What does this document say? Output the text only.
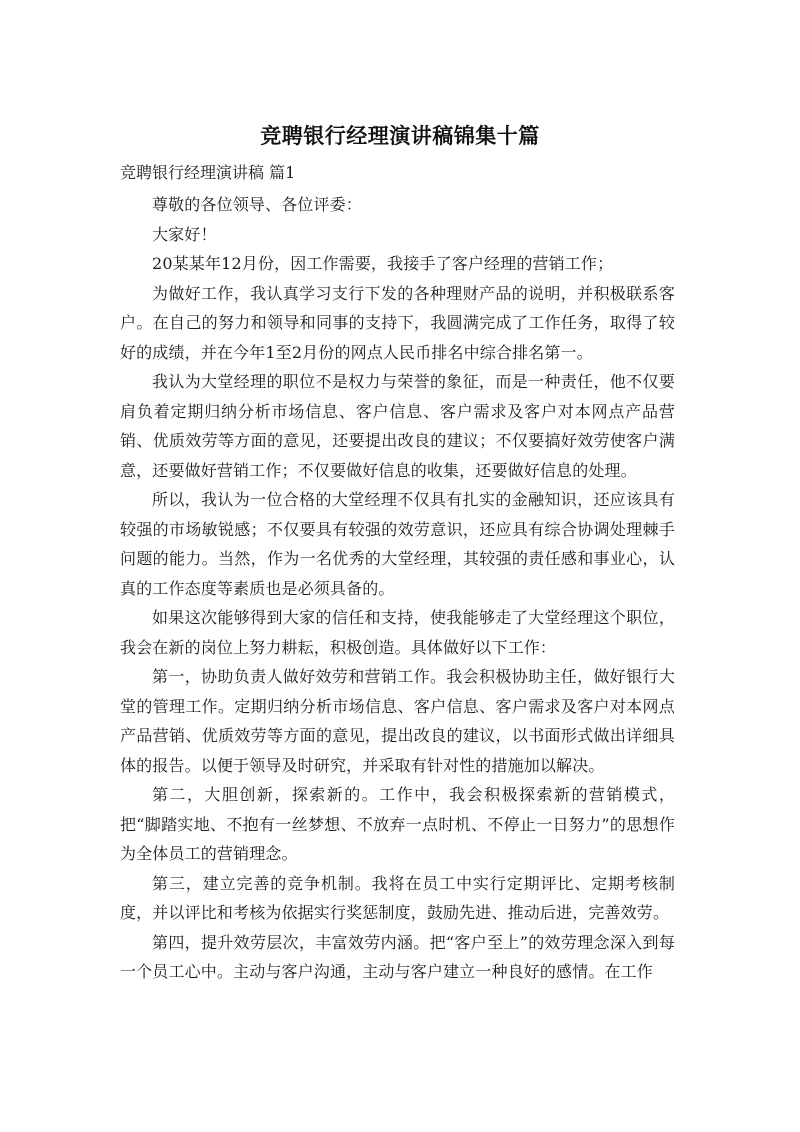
竞聘银行经理演讲稿锦集十篇
竞聘银行经理演讲稿 篇1

尊敬的各位领导、各位评委：

大家好！

20某某年12月份，因工作需要，我接手了客户经理的营销工作；

为做好工作，我认真学习支行下发的各种理财产品的说明，并积极联系客户。在自己的努力和领导和同事的支持下，我圆满完成了工作任务，取得了较好的成绩，并在今年1至2月份的网点人民币排名中综合排名第一。

我认为大堂经理的职位不是权力与荣誉的象征，而是一种责任，他不仅要肩负着定期归纳分析市场信息、客户信息、客户需求及客户对本网点产品营销、优质效劳等方面的意见，还要提出改良的建议；不仅要搞好效劳使客户满意，还要做好营销工作；不仅要做好信息的收集，还要做好信息的处理。

所以，我认为一位合格的大堂经理不仅具有扎实的金融知识，还应该具有较强的市场敏锐感；不仅要具有较强的效劳意识，还应具有综合协调处理棘手问题的能力。当然，作为一名优秀的大堂经理，其较强的责任感和事业心，认真的工作态度等素质也是必须具备的。

如果这次能够得到大家的信任和支持，使我能够走了大堂经理这个职位，我会在新的岗位上努力耕耘，积极创造。具体做好以下工作：

第一，协助负责人做好效劳和营销工作。我会积极协助主任，做好银行大堂的管理工作。定期归纳分析市场信息、客户信息、客户需求及客户对本网点产品营销、优质效劳等方面的意见，提出改良的建议，以书面形式做出详细具体的报告。以便于领导及时研究，并采取有针对性的措施加以解决。

第二，大胆创新，探索新的。工作中，我会积极探索新的营销模式，把“脚踏实地、不抱有一丝梦想、不放弃一点时机、不停止一日努力”的思想作为全体员工的营销理念。

第三，建立完善的竞争机制。我将在员工中实行定期评比、定期考核制度，并以评比和考核为依据实行奖惩制度，鼓励先进、推动后进，完善效劳。

第四，提升效劳层次，丰富效劳内涵。把“客户至上”的效劳理念深入到每一个员工心中。主动与客户沟通，主动与客户建立一种良好的感情。在工作
